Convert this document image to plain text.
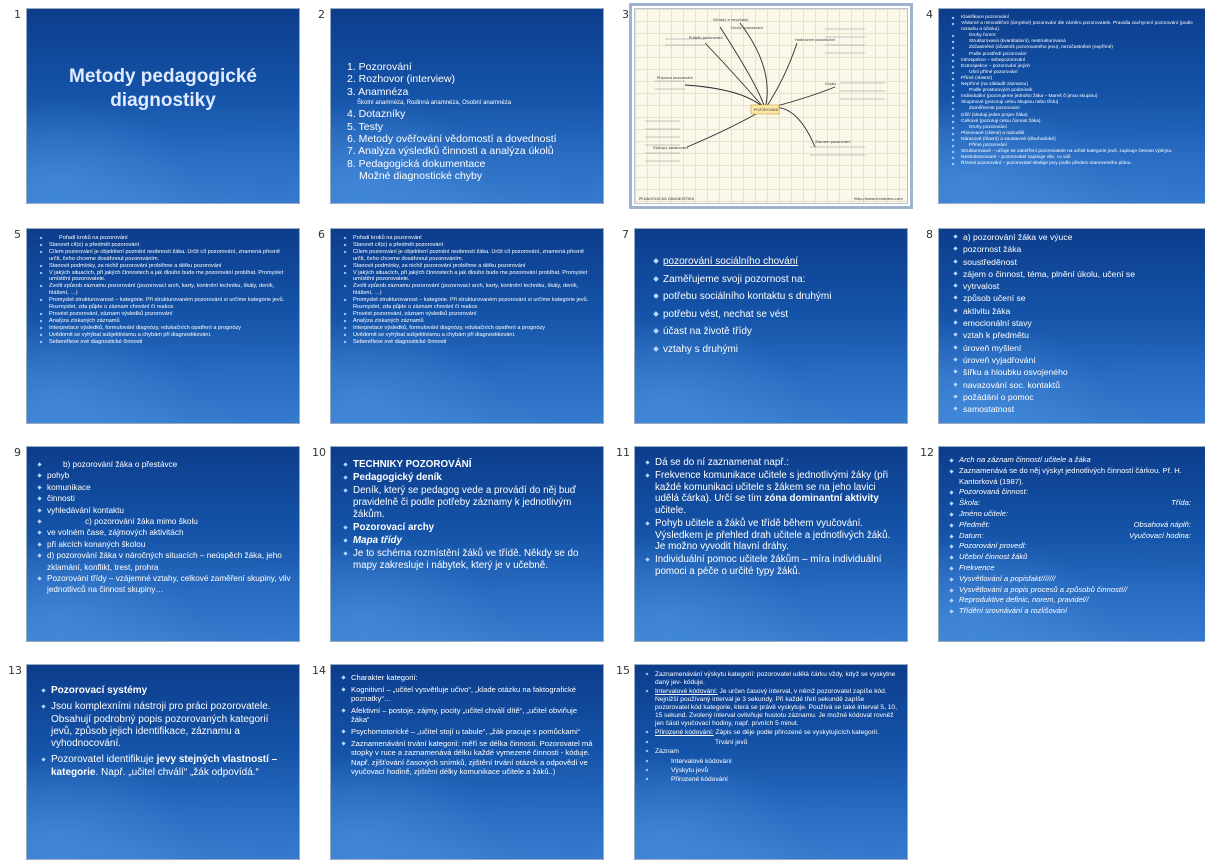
1
Metody pedagogické diagnostiky
2
1. Pozorování
2. Rozhovor (interview)
3. Anamnéza
Školní anamnéza, Rodinná anamnéza, Osobní anamnéza
4. Dotazníky
5. Testy
6. Metody ověřování vědomostí a dovedností
7. Analýza výsledků činnosti a analýza úkolů
8. Pedagogická dokumentace
Možné diagnostické chyby
3
POZOROVÁNÍ
Průběh pozorování
Příprava pozorování
Výstupy pozorování
Záznam pozorování
Hodnocení pozorování
Chyby
Výhody a nevýhody
Druhy pozorování
PEDAGOGICKÁ DIAGNOSTIKA	http://www.mindomo.com
4	Klasifikace pozorování
Vědomé a mimoděčné (úmyslné) pozorování dle záměru pozorovatele. Pravidla zachycení pozorování (podle rozsahu a účinku).
Druhy forem:
Strukturovaná (kvantitativní), nestrukturovaná
Zúčastněné (účastník pozorovaného jevu), nezúčastněné (nepřímé)
Podle prostředí pozorování
Introspekce – sebepozorování
Extrospekce – pozorování jiných
Ušní přímé pozorování
Přímé (vlastní)
Nepřímé (na základě záznamu)
Podle prostorových podmínek
Individuální (pozorujeme jednoho žáka – Mareš či jinou skupinu)
Skupinové (pozoruji celou skupinu nebo třídu)
Zaměřenost pozorování
Dílčí (sleduji jeden projev žáka)
Celkové (pozoruji celou činnost žáka)
Druhy pozorování
Plánované (cílené) a nahodilé
Nárazové (hlavní) a soustavné (dlouhodobé)
Přímé pozorování
Strukturované – určuje se zaměření pozorovatele na určité kategorie jevů, zapisuje četnost výskytu.
Nestrukturované – pozorovatel zapisuje vše, co vidí
Řízené pozorování – pozorovatel sleduje jevy podle předem stanoveného plánu.
5	Pořadí kroků na pozorování
Stanovit cíl(e) a předmět pozorování
Cílem pozorování je objektivní poznání osobnosti žáka. Určit cíl pozorování, znamená přesně určit, čeho chceme dosáhnout pozorováním.
Stanovit podmínky, za nichž pozorování proběhne a délku pozorování
V jakých situacích, při jakých činnostech a jak dlouho bude me pozorování probíhat. Promyslet umístění pozorovatele.
Zvolit způsob záznamu pozorování (pozorovací arch, karty, kontrolní techniku, škály, deník, hlášení, …)
Promyslet strukturovanost – kategorie. Při strukturovaném pozorování si určíme kategorie jevů. Rozmyslet, zda půjde o záznam chování či reakce.
Provést pozorování, záznam výsledků pozorování
Analýza získaných záznamů
Interpretace výsledků, formulování diagnózy, edukačních opatření a prognózy
Uvědomit se vyhýbat subjektivismu a chybám při diagnostikování.
Sebereflexe své diagnostické činnosti
6	Pořadí kroků na pozorování
Stanovit cíl(e) a předmět pozorování
Cílem pozorování je objektivní poznání osobnosti žáka. Určit cíl pozorování, znamená přesně určit, čeho chceme dosáhnout pozorováním.
Stanovit podmínky, za nichž pozorování proběhne a délku pozorování
V jakých situacích, při jakých činnostech a jak dlouho bude me pozorování probíhat. Promyslet umístění pozorovatele.
Zvolit způsob záznamu pozorování (pozorovací arch, karty, kontrolní techniku, škály, deník, hlášení, …)
Promyslet strukturovanost – kategorie. Při strukturovaném pozorování si určíme kategorie jevů. Rozmyslet, zda půjde o záznam chování či reakce.
Provést pozorování, záznam výsledků pozorování
Analýza získaných záznamů
Interpretace výsledků, formulování diagnózy, edukačních opatření a prognózy
Uvědomit se vyhýbat subjektivismu a chybám při diagnostikování.
Sebereflexe své diagnostické činnosti
7
pozorování sociálního chování
Zaměřujeme svoji pozornost na:
potřebu sociálního kontaktu s druhými
potřebu vést, nechat se vést
účast na životě třídy
vztahy s druhými
8	a) pozorování žáka ve výuce
pozornost žáka
soustředěnost
zájem o činnost, téma, plnění úkolu, učení se
vytrvalost
způsob učení se
aktivitu žáka
emocionální stavy
vztah k předmětu
úroveň myšlení
úroveň vyjadřování
šířku a hloubku osvojeného
navazování soc. kontaktů
požádání o pomoc
samostatnost
9
b) pozorování žáka o přestávce
pohyb
komunikace
činnosti
vyhledávání kontaktu
c) pozorování žáka mimo školu
ve volném čase, zájmových aktivitách
při akcích konaných školou
d) pozorování žáka v náročných situacích – neúspěch žáka, jeho zklamání, konflikt, trest, prohra
Pozorování třídy – vzájemné vztahy, celkové zaměření skupiny, vliv jednotlivců na činnost skupiny…
10
TECHNIKY POZOROVÁNÍ
Pedagogický deník
Deník, který se pedagog vede a provádí do něj buď pravidelně či podle potřeby záznamy k jednotlivým žákům.
Pozorovací archy
Mapa třídy
Je to schéma rozmístění žáků ve třídě. Někdy se do mapy zakresluje i nábytek, který je v učebně.
11
Dá se do ní zaznamenat např.:
Frekvence komunikace učitele s jednotlivými žáky (při každé komunikaci učitele s žákem se na jeho lavici udělá čárka). Určí se tím zóna dominantní aktivity učitele.
Pohyb učitele a žáků ve třídě během vyučování. Výsledkem je přehled drah učitele a jednotlivých žáků. Je možno vyvodit hlavní dráhy.
Individuální pomoc učitele žákům – míra individuální pomoci a péče o určité typy žáků.
12
Arch na záznam činností učitele a žáka
Zaznamenává se do něj výskyt jednotlivých činností čárkou. Př. H. Kantorková (1987).
Pozorovaná činnost:
Škola:	Třída:
Jméno učitele:
Předmět:	Obsahová náplň:
Datum:	Vyučovací hodina:
Pozorování provedl:
Učební činnost žáků
Frekvence
Vysvětlování a popisfakt///////
Vysvětlování a popis procesů a způsobů činností//
Reproduktive definic, norem, pravidel//
Třídění srovnávání a rozlišování
13
Pozorovací systémy
Jsou komplexními nástroji pro práci pozorovatele. Obsahují podrobný popis pozorovaných kategorií jevů, způsob jejich identifikace, záznamu a vyhodnocování.
Pozorovatel identifikuje jevy stejných vlastností – kategorie. Např. „učitel chválí“ „žák odpovídá.“
14
Charakter kategorií:
Kognitivní – „učitel vysvětluje učivo“, „klade otázku na faktografické poznatky“…
Afektivní – postoje, zájmy, pocity „učitel chválí dítě“, „učitel obviňuje žáka“
Psychomotorické – „učitel stojí u tabule“, „žák pracuje s pomůckami“
Zaznamenávání trvání kategorií: měří se délka činnosti. Pozorovatel má stopky v ruce a zaznamenává délku každé vymezené činnosti - kódujе. Např. zjišťování časových snímků, zjištění trvání otázek a odpovědí ve vyučovací hodině, zjištění délky komunikace učitele a žáků..)
15	Zaznamenávání výskytu kategorií: pozorovatel udělá čárku vždy, když se vyskytne daný jev- kódujе.
Intervalové kódování: Je určen časový interval, v němž pozorovatel zapíše kód. Nejnižší používaný interval je 3 sekundy. Při každé třetí sekundě zapíše pozorovatel kód kategorie, která se právě vyskytuje. Používá se také interval 5, 10, 15 sekund. Zvolený interval ovlivňuje hustotu záznamu. Je možné kódovat rovněž jen části vyučovací hodiny, např. prvních 5 minut.
Přirozené kódování: Zápis se děje podle přirozené se vyskytujících kategorií.
Trvání jevů
Záznam
Intervalové kódování
Výskytu jevů
Přirozené kódování
